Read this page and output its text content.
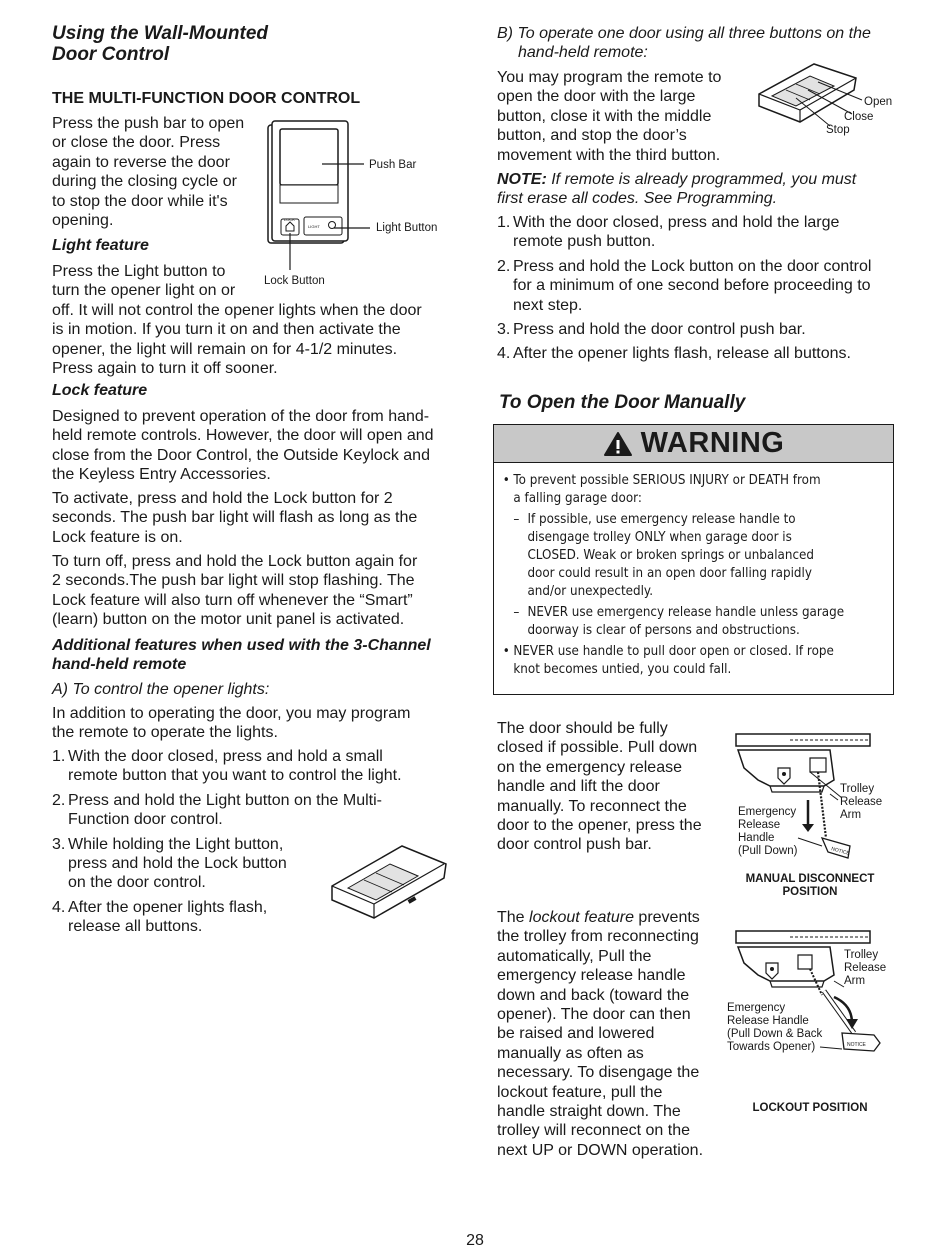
Using the Wall-Mounted
Door Control
THE MULTI-FUNCTION DOOR CONTROL
Press the push bar to open
or close the door. Press
again to reverse the door
during the closing cycle or
to stop the door while it's
opening.	LOCK
LIGHT
Push Bar
Light Button
Lock Button
Light feature
Press the Light button to
turn the opener light on or
off. It will not control the opener lights when the door
is in motion. If you turn it on and then activate the
opener, the light will remain on for 4-1/2 minutes.
Press again to turn it off sooner.
Lock feature
Designed to prevent operation of the door from hand-
held remote controls. However, the door will open and
close from the Door Control, the Outside Keylock and
the Keyless Entry Accessories.
To activate, press and hold the Lock button for 2
seconds. The push bar light will flash as long as the
Lock feature is on.
To turn off, press and hold the Lock button again for
2 seconds.The push bar light will stop flashing. The
Lock feature will also turn off whenever the “Smart”
(learn) button on the motor unit panel is activated.
Additional features when used with the 3-Channel
hand-held remote
A) To control the opener lights:
In addition to operating the door, you may program
the remote to operate the lights.
1. With the door closed, press and hold a small
remote button that you want to control the light.
2. Press and hold the Light button on the Multi-
Function door control.
3. While holding the Light button,
press and hold the Lock button
on the door control.
4. After the opener lights flash,
release all buttons.
B) To operate one door using all three buttons on the
hand-held remote:
You may program the remote to
open the door with the large
button, close it with the middle
button, and stop the door’s
movement with the third button.
Open
Close
Stop
NOTE: If remote is already programmed, you must
first erase all codes. See Programming.
1. With the door closed, press and hold the large
remote push button.
2. Press and hold the Lock button on the door control
for a minimum of one second before proceeding to
next step.
3. Press and hold the door control push bar.
4. After the opener lights flash, release all buttons.
To Open the Door Manually
WARNING
• To prevent possible SERIOUS INJURY or DEATH from
a falling garage door:
– If possible, use emergency release handle to
disengage trolley ONLY when garage door is
CLOSED. Weak or broken springs or unbalanced
door could result in an open door falling rapidly
and/or unexpectedly.
– NEVER use emergency release handle unless garage
doorway is clear of persons and obstructions.
• NEVER use handle to pull door open or closed. If rope
knot becomes untied, you could fall.
The door should be fully
closed if possible. Pull down
on the emergency release
handle and lift the door
manually. To reconnect the
door to the opener, press the
door control push bar.	NOTICE
Trolley
Release
Arm
Emergency
Release
Handle
(Pull Down)
MANUAL DISCONNECT
POSITION
The lockout feature prevents
the trolley from reconnecting
automatically, Pull the
emergency release handle
down and back (toward the
opener). The door can then
be raised and lowered
manually as often as
necessary. To disengage the
lockout feature, pull the
handle straight down. The
trolley will reconnect on the
next UP or DOWN operation.
NOTICE
Trolley
Release
Arm
Emergency
Release Handle
(Pull Down & Back
Towards Opener)
LOCKOUT POSITION
28
